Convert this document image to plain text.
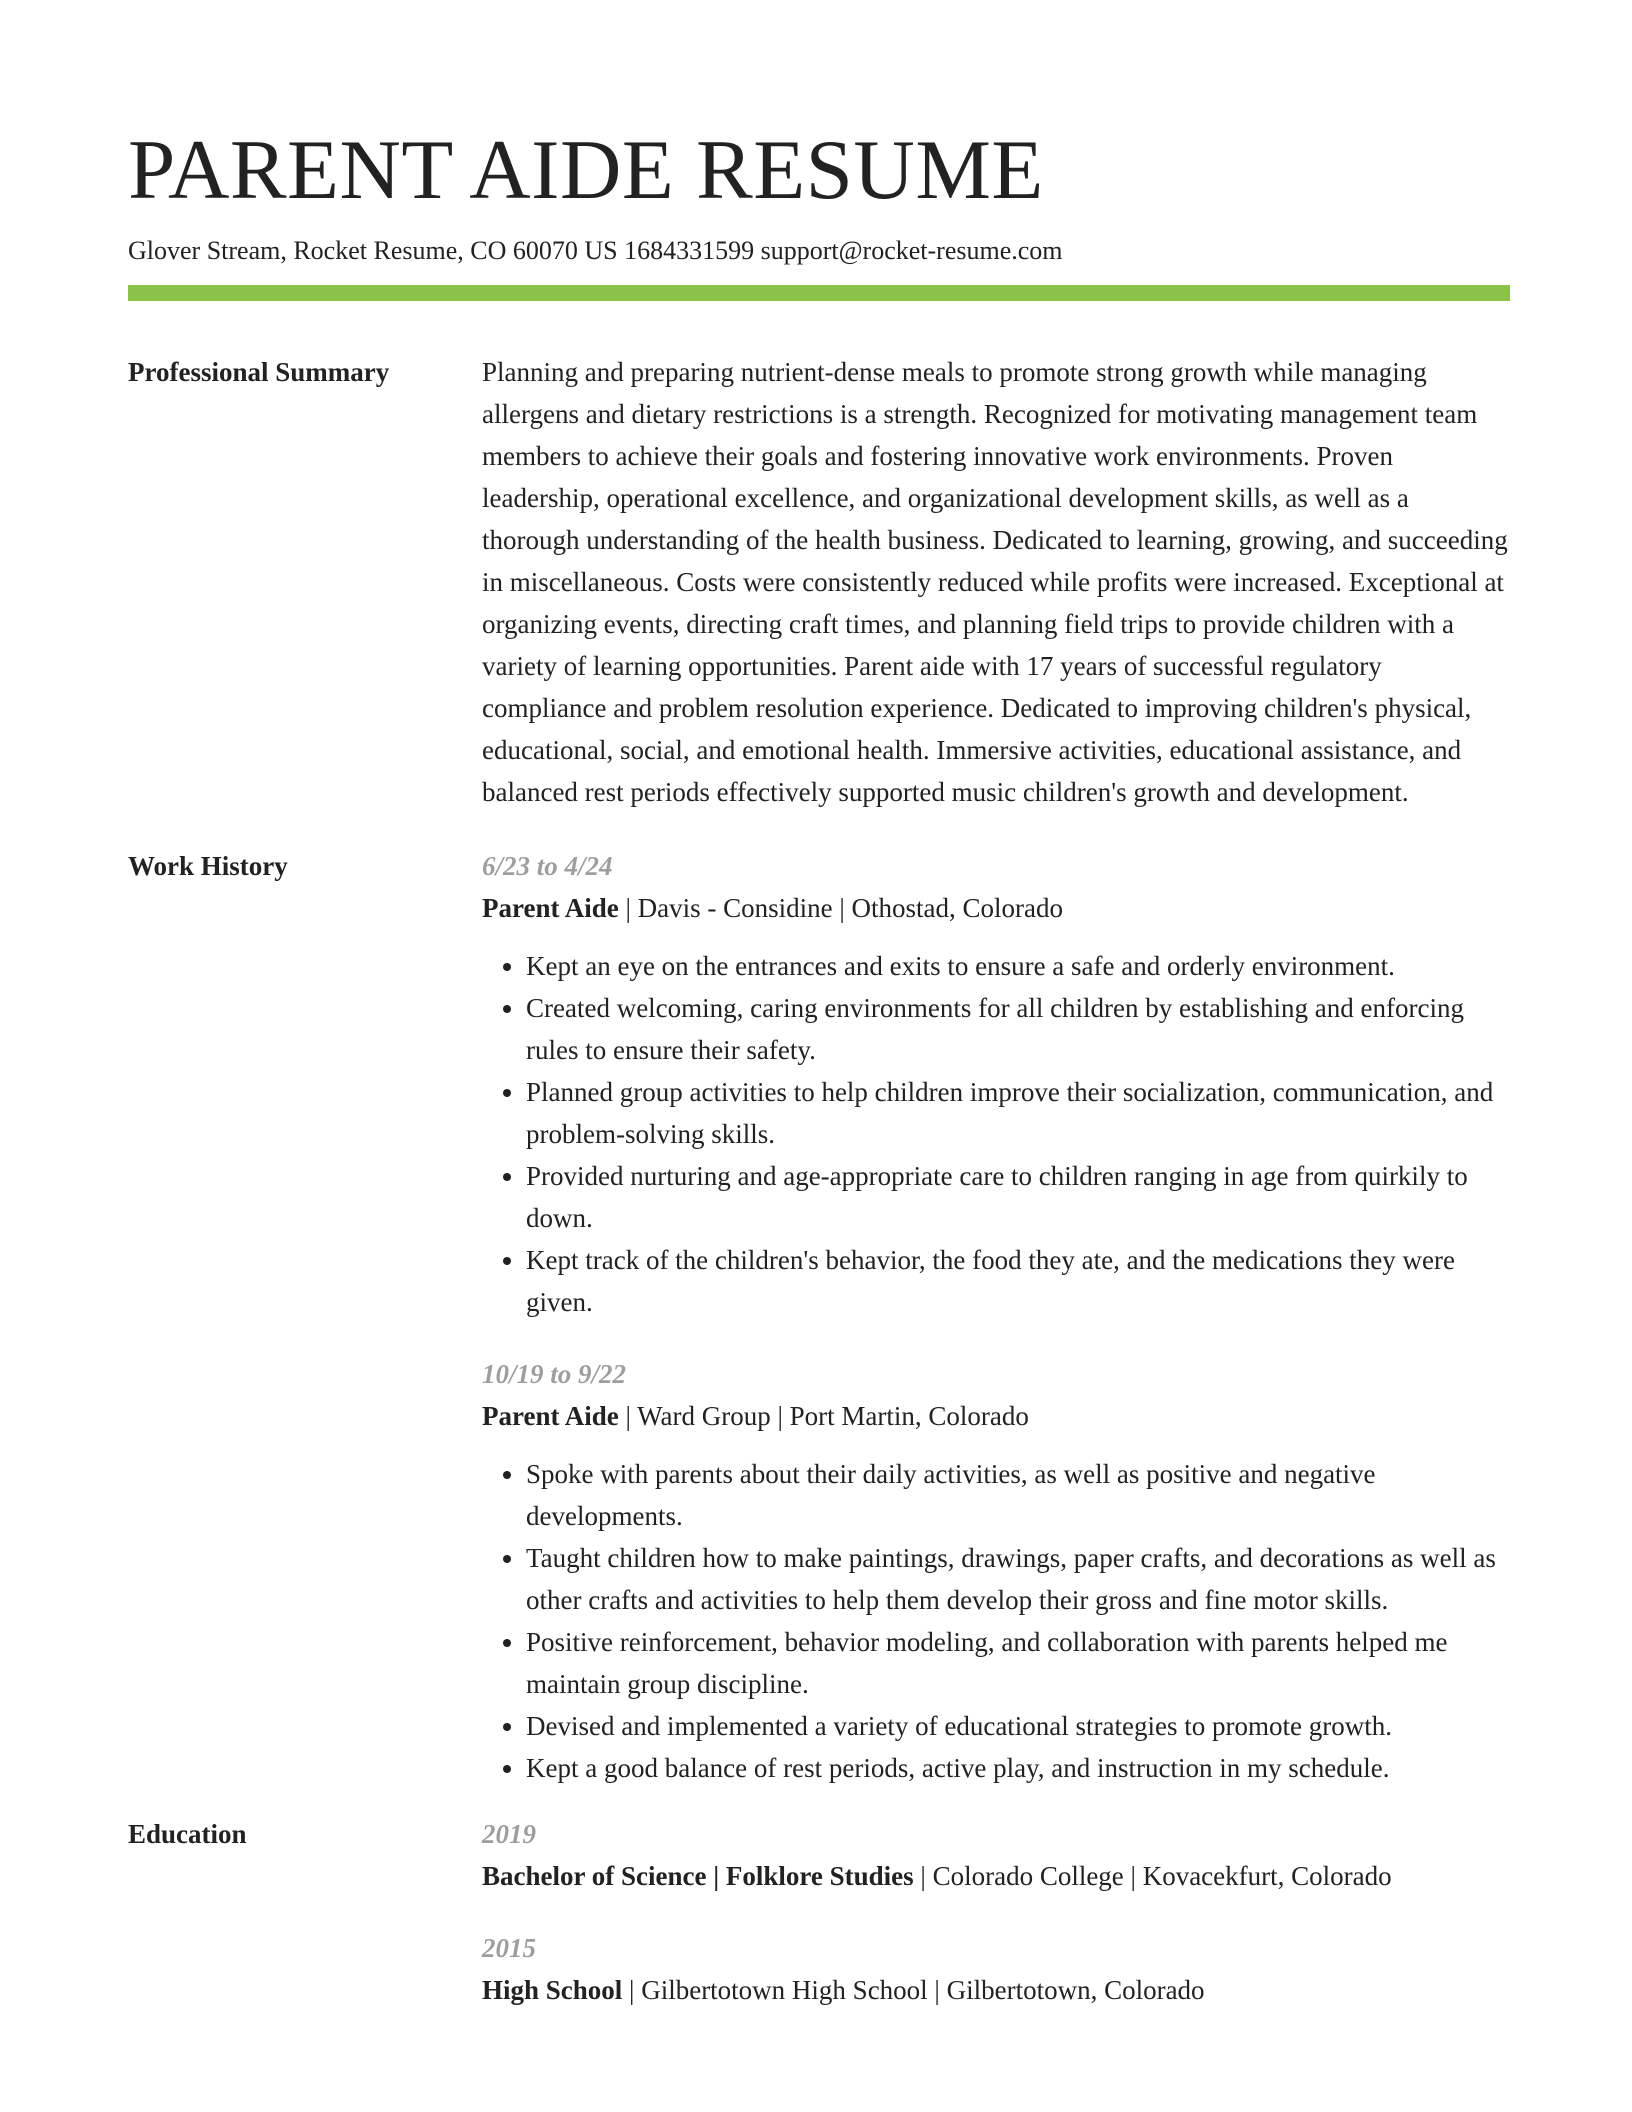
PARENT AIDE RESUME
Glover Stream, Rocket Resume, CO 60070 US 1684331599 support@rocket-resume.com
Professional Summary	Planning and preparing nutrient-dense meals to promote strong growth while managing allergens and dietary restrictions is a strength. Recognized for motivating management team members to achieve their goals and fostering innovative work environments. Proven leadership, operational excellence, and organizational development skills, as well as a thorough understanding of the health business. Dedicated to learning, growing, and succeeding in miscellaneous. Costs were consistently reduced while profits were increased. Exceptional at organizing events, directing craft times, and planning field trips to provide children with a variety of learning opportunities. Parent aide with 17 years of successful regulatory compliance and problem resolution experience. Dedicated to improving children's physical, educational, social, and emotional health. Immersive activities, educational assistance, and balanced rest periods effectively supported music children's growth and development.

Work History	6/23 to 4/24
Parent Aide | Davis - Considine | Othostad, Colorado
• Kept an eye on the entrances and exits to ensure a safe and orderly environment.
• Created welcoming, caring environments for all children by establishing and enforcing rules to ensure their safety.
• Planned group activities to help children improve their socialization, communication, and problem-solving skills.
• Provided nurturing and age-appropriate care to children ranging in age from quirkily to down.
• Kept track of the children's behavior, the food they ate, and the medications they were given.
10/19 to 9/22
Parent Aide | Ward Group | Port Martin, Colorado
• Spoke with parents about their daily activities, as well as positive and negative developments.
• Taught children how to make paintings, drawings, paper crafts, and decorations as well as other crafts and activities to help them develop their gross and fine motor skills.
• Positive reinforcement, behavior modeling, and collaboration with parents helped me maintain group discipline.
• Devised and implemented a variety of educational strategies to promote growth.
• Kept a good balance of rest periods, active play, and instruction in my schedule.
Education	2019
Bachelor of Science | Folklore Studies | Colorado College | Kovacekfurt, Colorado
2015
High School | Gilbertotown High School | Gilbertotown, Colorado
